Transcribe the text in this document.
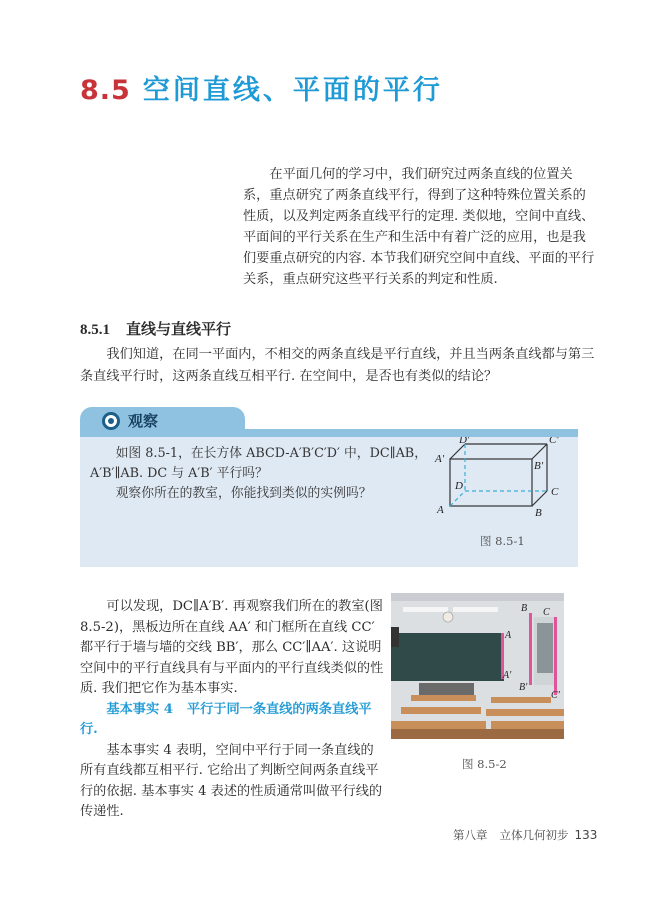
8.5 空间直线、平面的平行
在平面几何的学习中，我们研究过两条直线的位置关系，重点研究了两条直线平行，得到了这种特殊位置关系的性质，以及判定两条直线平行的定理. 类似地，空间中直线、平面间的平行关系在生产和生活中有着广泛的应用，也是我们要重点研究的内容. 本节我们研究空间中直线、平面的平行关系，重点研究这些平行关系的判定和性质.
8.5.1 直线与直线平行
我们知道，在同一平面内，不相交的两条直线是平行直线，并且当两条直线都与第三条直线平行时，这两条直线互相平行. 在空间中，是否也有类似的结论？
观察

如图 8.5-1，在长方体 ABCD-A′B′C′D′ 中，DC∥AB，

A′B′∥AB. DC 与 A′B′ 平行吗？

观察你所在的教室，你能找到类似的实例吗？

D′	C′
A′
B′
D	C
A	B
图 8.5-1

可以发现，DC∥A′B′. 再观察我们所在的教室(图8.5-2)，黑板边所在直线 AA′ 和门框所在直线 CC′ 都平行于墙与墙的交线 BB′，那么 CC′∥AA′. 这说明空间中的平行直线具有与平面内的平行直线类似的性质. 我们把它作为基本事实.

基本事实 4 平行于同一条直线的两条直线平行.

基本事实 4 表明，空间中平行于同一条直线的所有直线都互相平行. 它给出了判断空间两条直线平行的依据. 基本事实 4 表述的性质通常叫做平行线的传递性.

A
A′
B
B′
C
C′
图 8.5-2
第八章 立体几何初步 133
